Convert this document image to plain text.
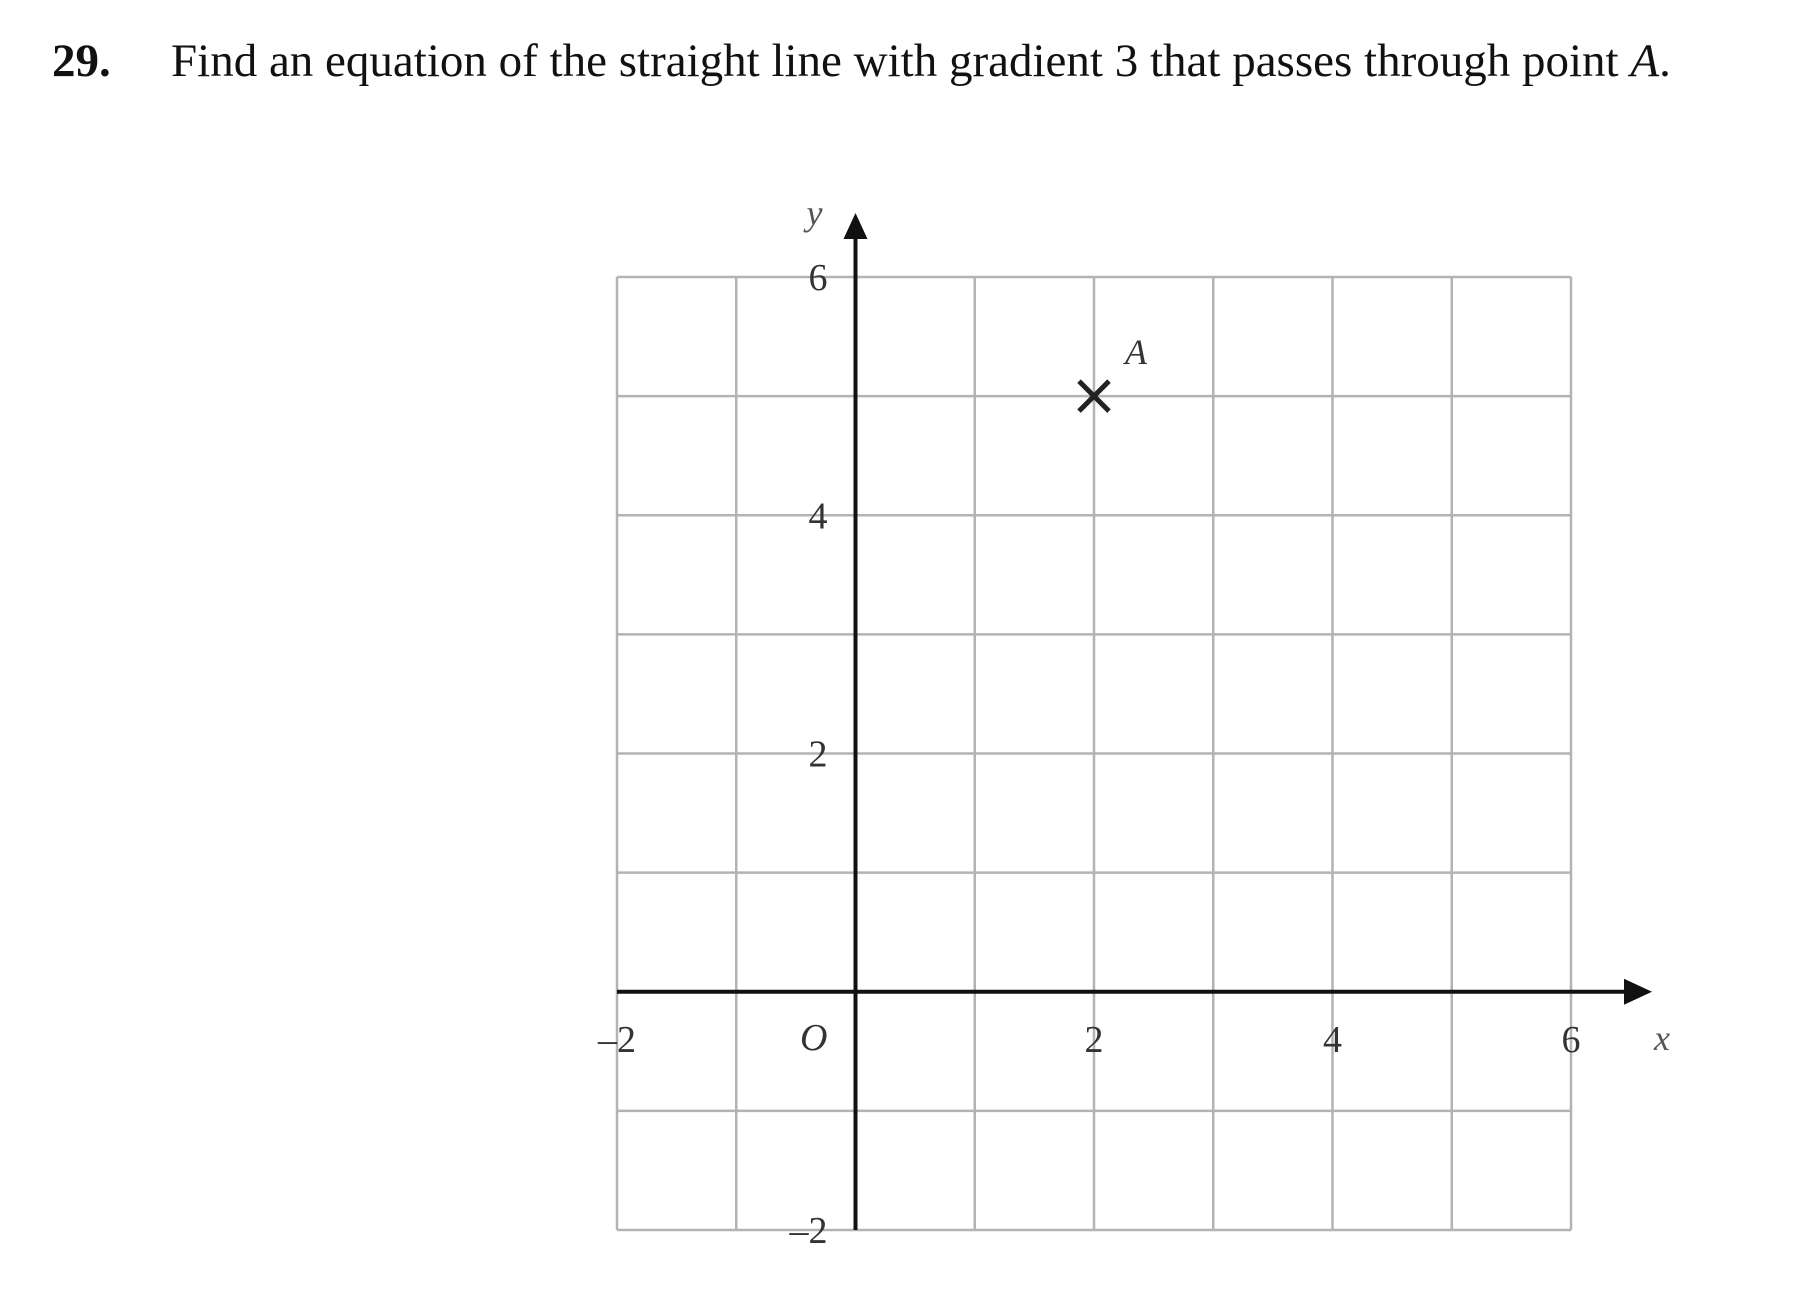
29.	Find an equation of the straight line with gradient 3 that passes through point A.
–2	2	4	6
–2
2
4
6
O	x
y
A
